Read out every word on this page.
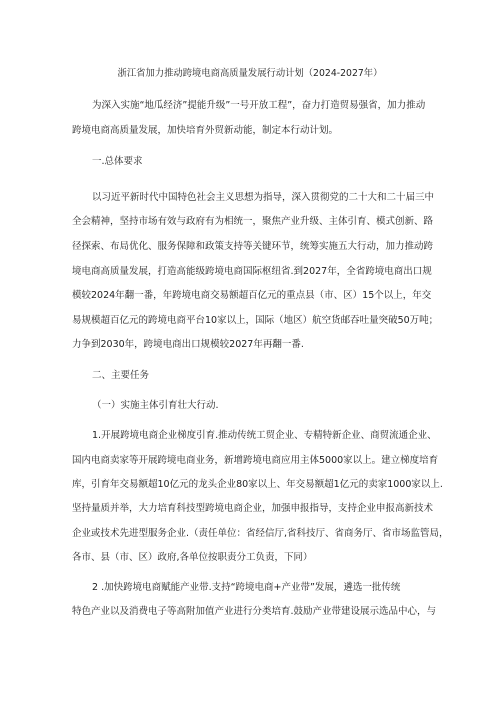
浙江省加力推动跨境电商高质量发展行动计划（2024-2027年）
为深入实施“地瓜经济”提能升级”一号开放工程”，奋力打造贸易强省，加力推动
跨境电商高质量发展，加快培育外贸新动能，制定本行动计划。
一.总体要求
以习近平新时代中国特色社会主义思想为指导，深入贯彻党的二十大和二十届三中
全会精神，坚持市场有效与政府有为相统一，聚焦产业升级、主体引育、模式创新、路
径探索、布局优化、服务保障和政策支持等关键环节，统筹实施五大行动，加力推动跨
境电商高质量发展，打造高能级跨境电商国际枢纽省.到2027年，全省跨境电商出口规
模较2024年翻一番，年跨境电商交易额超百亿元的重点县（市、区）15个以上，年交
易规模超百亿元的跨境电商平台10家以上，国际（地区）航空货邮吞吐量突破50万吨；
力争到2030年，跨境电商出口规模较2027年再翻一番.
二、主要任务
（一）实施主体引育壮大行动.
1.开展跨境电商企业梯度引育.推动传统工贸企业、专精特新企业、商贸流通企业、
国内电商卖家等开展跨境电商业务，新增跨境电商应用主体5000家以上。建立梯度培育
库，引育年交易额超10亿元的龙头企业80家以上、年交易额超1亿元的卖家1000家以上.
坚持量质并举，大力培育科技型跨境电商企业，加强申报指导，支持企业申报高新技术
企业或技术先进型服务企业.（责任单位：省经信厅,省科技厅、省商务厅、省市场监管局，
各市、县（市、区）政府,各单位按职责分工负责，下同）
2 .加快跨境电商赋能产业带.支持“跨境电商+产业带”发展，遴选一批传统
特色产业以及消费电子等高附加值产业进行分类培育.鼓励产业带建设展示选品中心，与
